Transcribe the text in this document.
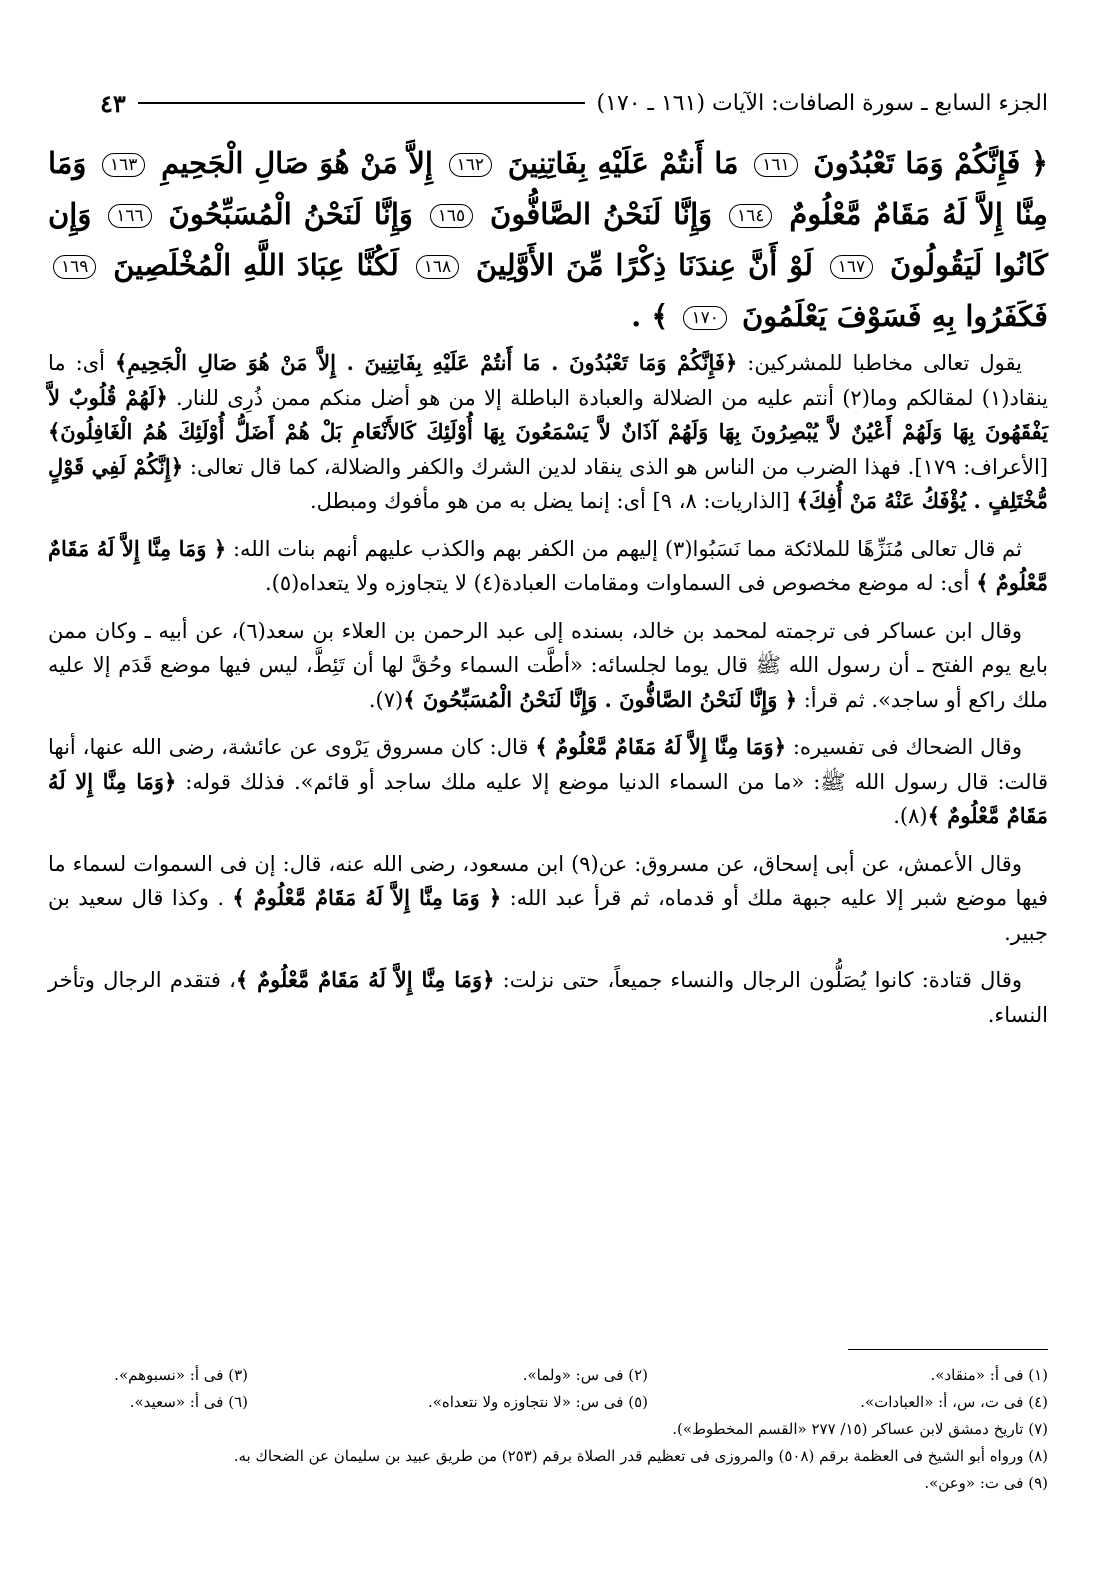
الجزء السابع ـ سورة الصافات: الآيات (١٦١ ـ ١٧٠)
٤٣
﴿ فَإِنَّكُمْ وَمَا تَعْبُدُونَ ١٦١ مَا أَنتُمْ عَلَيْهِ بِفَاتِنِينَ ١٦٢ إِلاَّ مَنْ هُوَ صَالِ الْجَحِيمِ ١٦٣ وَمَا مِنَّا إِلاَّ لَهُ مَقَامٌ مَّعْلُومٌ ١٦٤ وَإِنَّا لَنَحْنُ الصَّافُّونَ ١٦٥ وَإِنَّا لَنَحْنُ الْمُسَبِّحُونَ ١٦٦ وَإِن كَانُوا لَيَقُولُونَ ١٦٧ لَوْ أَنَّ عِندَنَا ذِكْرًا مِّنَ الأَوَّلِينَ ١٦٨ لَكُنَّا عِبَادَ اللَّهِ الْمُخْلَصِينَ ١٦٩ فَكَفَرُوا بِهِ فَسَوْفَ يَعْلَمُونَ ١٧٠ ﴾ .

يقول تعالى مخاطبا للمشركين: ﴿فَإِنَّكُمْ وَمَا تَعْبُدُونَ . مَا أَنتُمْ عَلَيْهِ بِفَاتِنِينَ . إِلاَّ مَنْ هُوَ صَالِ الْجَحِيمِ﴾ أى: ما ينقاد(١) لمقالكم وما(٢) أنتم عليه من الضلالة والعبادة الباطلة إلا من هو أضل منكم ممن ذُرِى للنار. ﴿لَهُمْ قُلُوبٌ لاَّ يَفْقَهُونَ بِهَا وَلَهُمْ أَعْيُنٌ لاَّ يُبْصِرُونَ بِهَا وَلَهُمْ آذَانٌ لاَّ يَسْمَعُونَ بِهَا أُوْلَئِكَ كَالأَنْعَامِ بَلْ هُمْ أَضَلُّ أُوْلَئِكَ هُمُ الْغَافِلُونَ﴾ [الأعراف: ١٧٩]. فهذا الضرب من الناس هو الذى ينقاد لدين الشرك والكفر والضلالة، كما قال تعالى: ﴿إِنَّكُمْ لَفِي قَوْلٍ مُّخْتَلِفٍ . يُؤْفَكُ عَنْهُ مَنْ أُفِكَ﴾ [الذاريات: ٨، ٩] أى: إنما يضل به من هو مأفوك ومبطل.

ثم قال تعالى مُنَزِّهًا للملائكة مما نَسَبُوا(٣) إليهم من الكفر بهم والكذب عليهم أنهم بنات الله: ﴿ وَمَا مِنَّا إِلاَّ لَهُ مَقَامٌ مَّعْلُومٌ ﴾ أى: له موضع مخصوص فى السماوات ومقامات العبادة(٤) لا يتجاوزه ولا يتعداه(٥).

وقال ابن عساكر فى ترجمته لمحمد بن خالد، بسنده إلى عبد الرحمن بن العلاء بن سعد(٦)، عن أبيه ـ وكان ممن بايع يوم الفتح ـ أن رسول الله ﷺ قال يوما لجلسائه: «أطَّت السماء وحُقَّ لها أن تَئِطَّ، ليس فيها موضع قَدَم إلا عليه ملك راكع أو ساجد». ثم قرأ: ﴿ وَإِنَّا لَنَحْنُ الصَّافُّونَ . وَإِنَّا لَنَحْنُ الْمُسَبِّحُونَ ﴾(٧).

وقال الضحاك فى تفسيره: ﴿وَمَا مِنَّا إِلاَّ لَهُ مَقَامٌ مَّعْلُومٌ ﴾ قال: كان مسروق يَرْوى عن عائشة، رضى الله عنها، أنها قالت: قال رسول الله ﷺ: «ما من السماء الدنيا موضع إلا عليه ملك ساجد أو قائم». فذلك قوله: ﴿وَمَا مِنَّا إِلا لَهُ مَقَامٌ مَّعْلُومٌ ﴾(٨).

وقال الأعمش، عن أبى إسحاق، عن مسروق: عن(٩) ابن مسعود، رضى الله عنه، قال: إن فى السموات لسماء ما فيها موضع شبر إلا عليه جبهة ملك أو قدماه، ثم قرأ عبد الله: ﴿ وَمَا مِنَّا إِلاَّ لَهُ مَقَامٌ مَّعْلُومٌ ﴾ . وكذا قال سعيد بن جبير.

وقال قتادة: كانوا يُصَلُّون الرجال والنساء جميعاً، حتى نزلت: ﴿وَمَا مِنَّا إِلاَّ لَهُ مَقَامٌ مَّعْلُومٌ ﴾، فتقدم الرجال وتأخر النساء.

(١) فى أ: «منقاد».
(٢) فى س: «ولما».
(٣) فى أ: «نسبوهم».
(٤) فى ت، س، أ: «العبادات».
(٥) فى س: «لا نتجاوزه ولا نتعداه».
(٦) فى أ: «سعيد».
(٧) تاريخ دمشق لابن عساكر (١٥/ ٢٧٧ «القسم المخطوط»).
(٨) ورواه أبو الشيخ فى العظمة برقم (٥٠٨) والمروزى فى تعظيم قدر الصلاة برقم (٢٥٣) من طريق عبيد بن سليمان عن الضحاك به.
(٩) فى ت: «وعن».
